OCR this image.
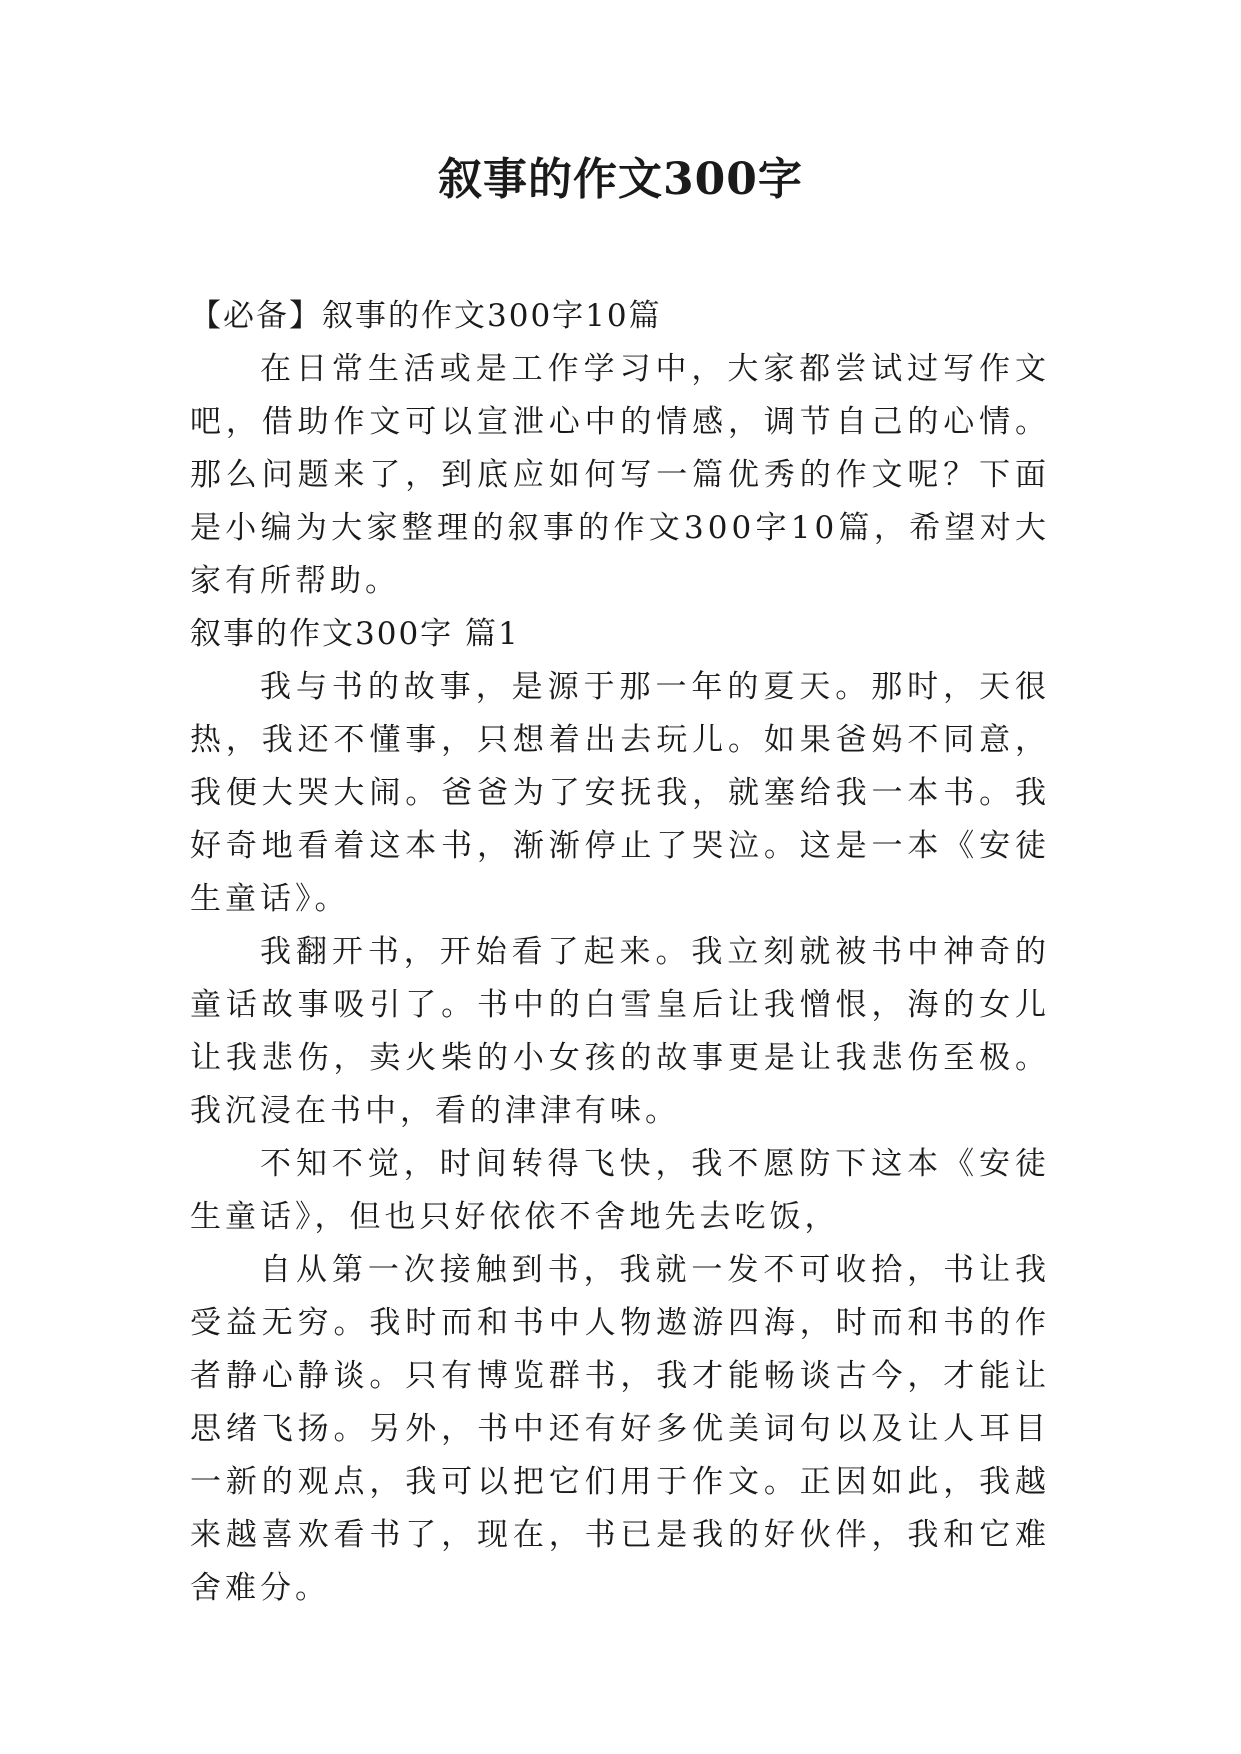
叙事的作文300字

【必备】叙事的作文300字10篇

在日常生活或是工作学习中，大家都尝试过写作文吧，借助作文可以宣泄心中的情感，调节自己的心情。那么问题来了，到底应如何写一篇优秀的作文呢？下面是小编为大家整理的叙事的作文300字10篇，希望对大家有所帮助。

叙事的作文300字 篇1

我与书的故事，是源于那一年的夏天。那时，天很热，我还不懂事，只想着出去玩儿。如果爸妈不同意，我便大哭大闹。爸爸为了安抚我，就塞给我一本书。我好奇地看着这本书，渐渐停止了哭泣。这是一本《安徒生童话》。

我翻开书，开始看了起来。我立刻就被书中神奇的童话故事吸引了。书中的白雪皇后让我憎恨，海的女儿让我悲伤，卖火柴的小女孩的故事更是让我悲伤至极。我沉浸在书中，看的津津有味。

不知不觉，时间转得飞快，我不愿防下这本《安徒生童话》，但也只好依依不舍地先去吃饭，

自从第一次接触到书，我就一发不可收拾，书让我受益无穷。我时而和书中人物遨游四海，时而和书的作者静心静谈。只有博览群书，我才能畅谈古今，才能让思绪飞扬。另外，书中还有好多优美词句以及让人耳目一新的观点，我可以把它们用于作文。正因如此，我越来越喜欢看书了，现在，书已是我的好伙伴，我和它难舍难分。
